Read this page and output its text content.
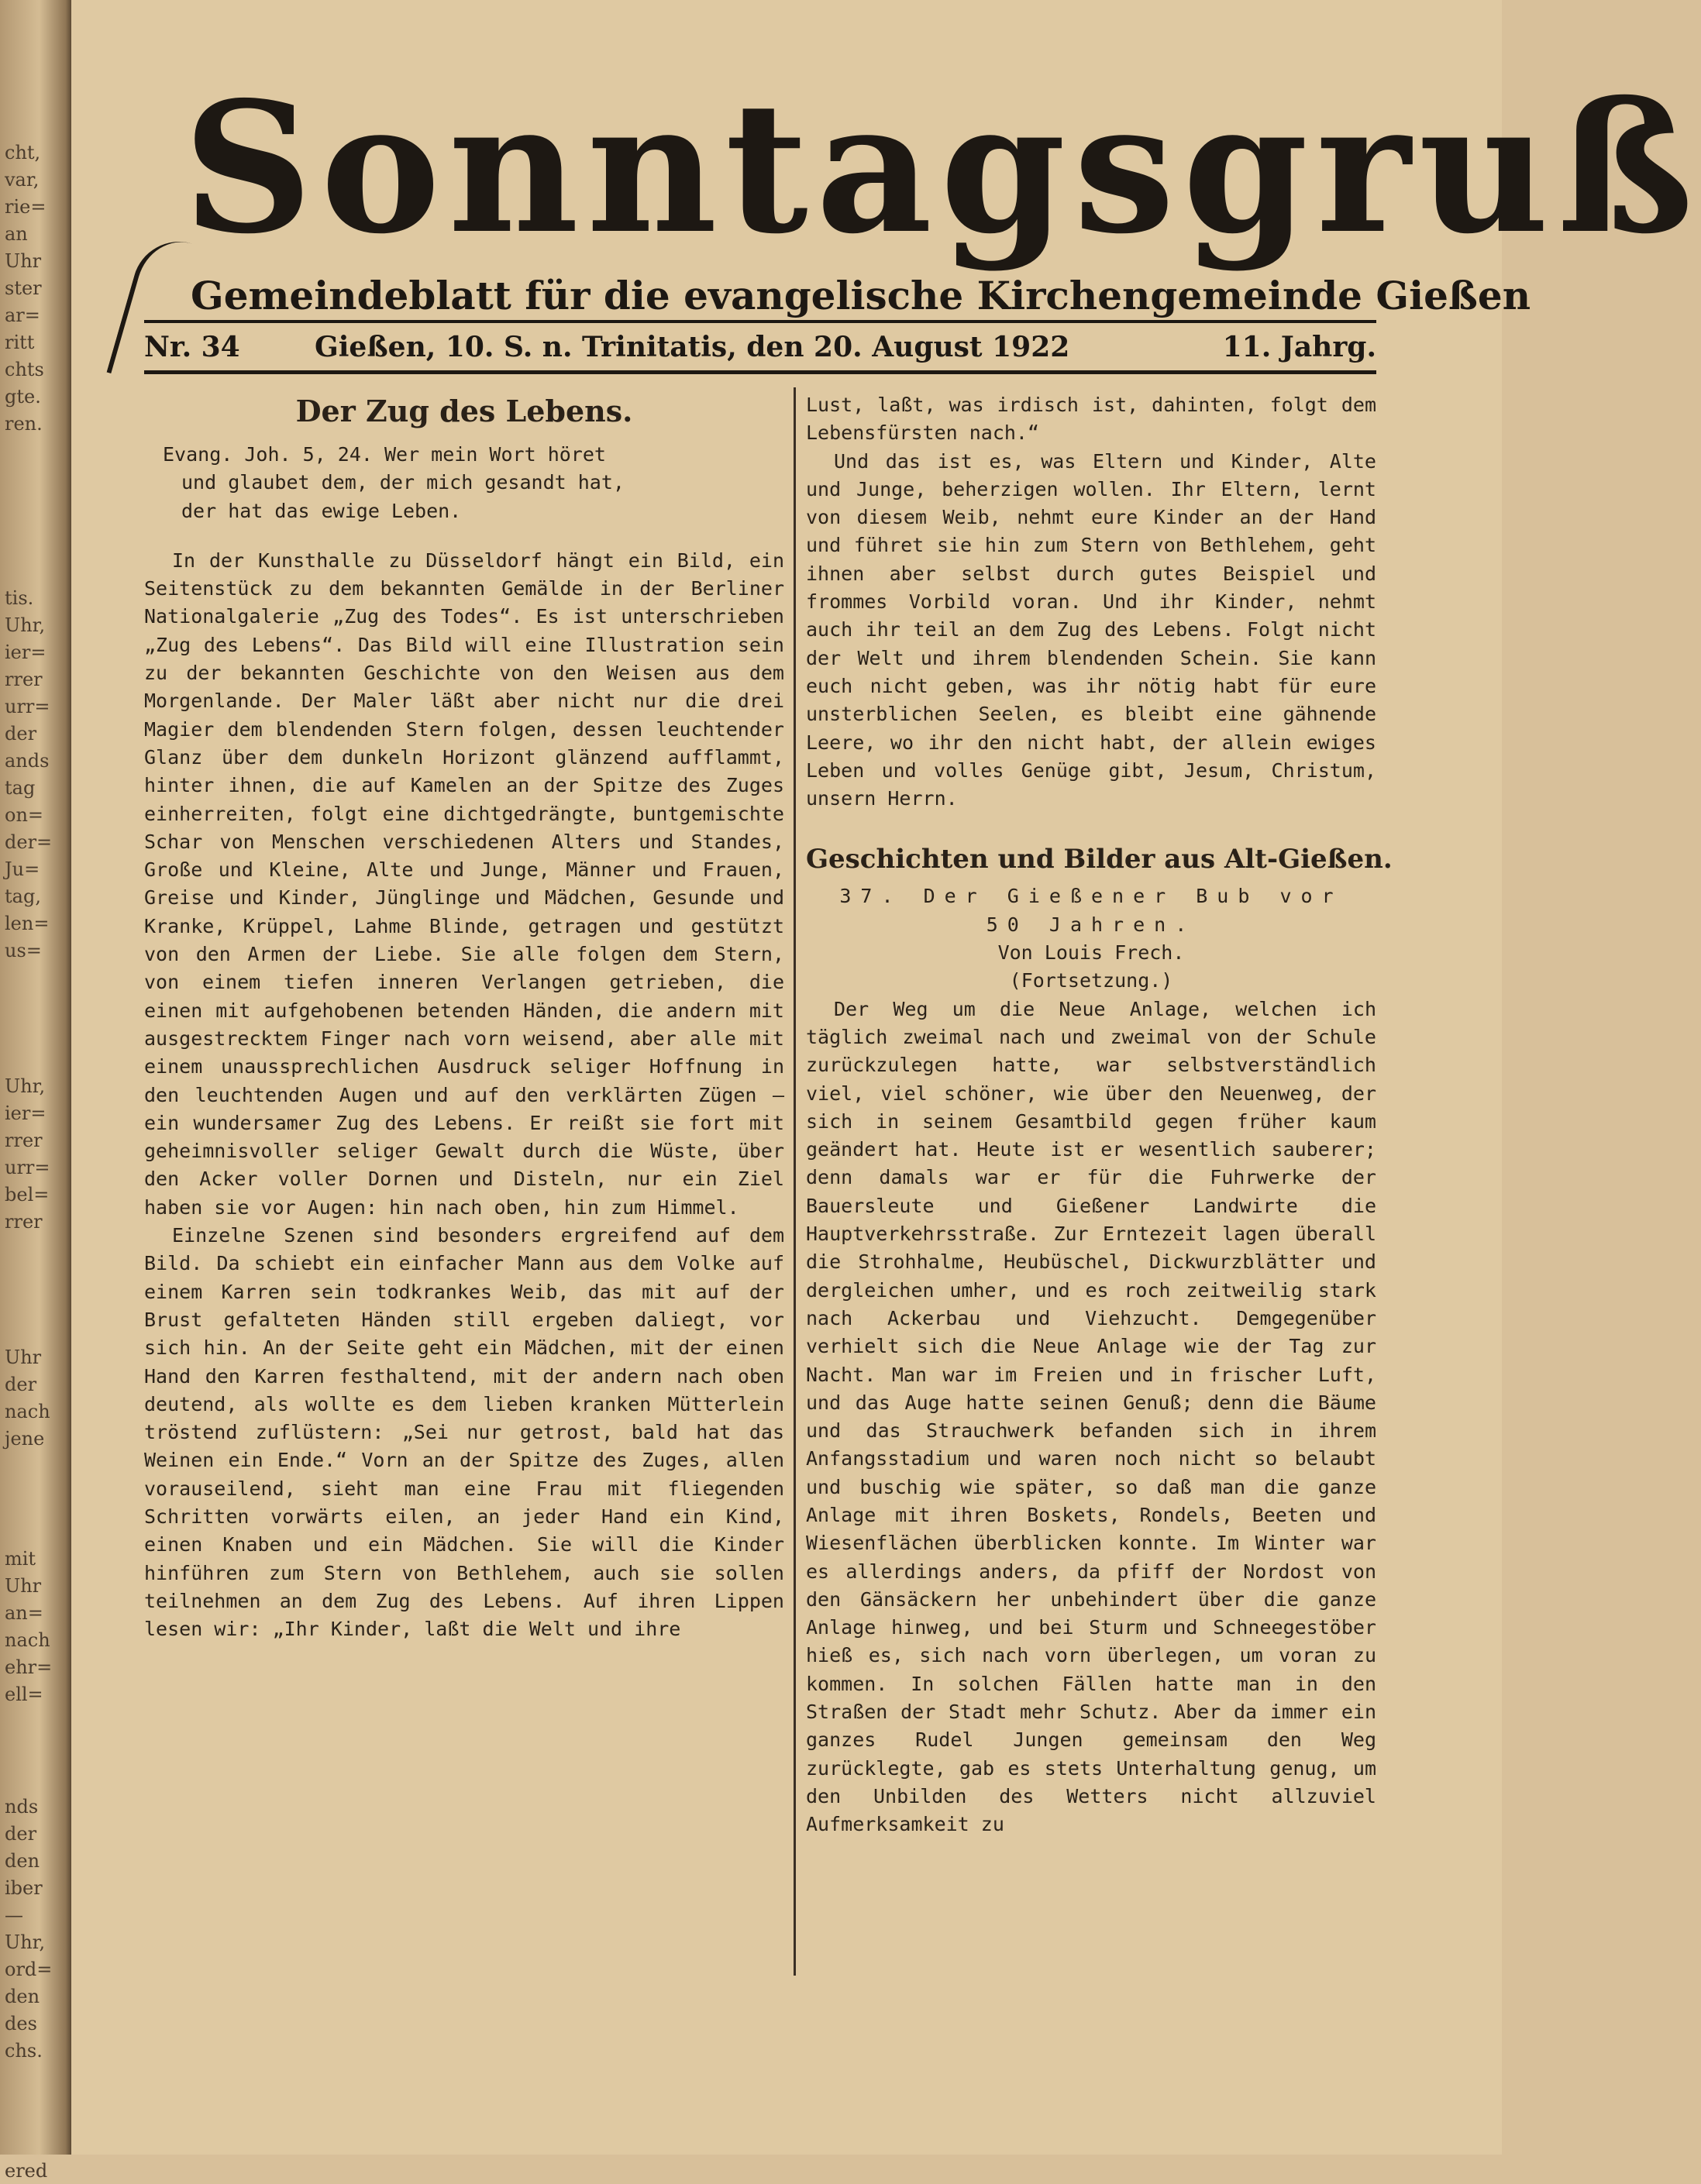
cht,
var,
rie=
an
Uhr
ster
ar=
ritt
chts
gte.
ren.
tis.
Uhr,
ier=
rrer
urr=
der
ands
tag
on=
der=
Ju=
tag,
len=
us=
Uhr,
ier=
rrer
urr=
bel=
rrer
Uhr
der
nach
jene
mit
Uhr
an=
nach
ehr=
ell=
nds
der
den
iber
—
Uhr,
ord=
den
des
chs.
ered
Sonntagsgruß
Gemeindeblatt für die evangelische Kirchengemeinde Gießen
Nr. 34	Gießen, 10. S. n. Trinitatis, den 20. August 1922	11. Jahrg.
Der Zug des Lebens.

Evang. Joh. 5, 24. Wer mein Wort höret

und glaubet dem, der mich gesandt hat,

der hat das ewige Leben.

In der Kunsthalle zu Düsseldorf hängt ein Bild, ein Seitenstück zu dem bekannten Gemälde in der Berliner Nationalgalerie „Zug des Todes“. Es ist unterschrieben „Zug des Lebens“. Das Bild will eine Illustration sein zu der bekannten Geschichte von den Weisen aus dem Morgenlande. Der Maler läßt aber nicht nur die drei Magier dem blendenden Stern folgen, dessen leuchtender Glanz über dem dunkeln Horizont glänzend aufflammt, hinter ihnen, die auf Kamelen an der Spitze des Zuges einherreiten, folgt eine dichtgedrängte, buntgemischte Schar von Menschen verschiedenen Alters und Standes, Große und Kleine, Alte und Junge, Männer und Frauen, Greise und Kinder, Jünglinge und Mädchen, Gesunde und Kranke, Krüppel, Lahme Blinde, getragen und gestützt von den Armen der Liebe. Sie alle folgen dem Stern, von einem tiefen inneren Verlangen getrieben, die einen mit aufgehobenen betenden Händen, die andern mit ausgestrecktem Finger nach vorn weisend, aber alle mit einem unaussprechlichen Ausdruck seliger Hoffnung in den leuchtenden Augen und auf den verklärten Zügen — ein wundersamer Zug des Lebens. Er reißt sie fort mit geheimnisvoller seliger Gewalt durch die Wüste, über den Acker voller Dornen und Disteln, nur ein Ziel haben sie vor Augen: hin nach oben, hin zum Himmel.

Einzelne Szenen sind besonders ergreifend auf dem Bild. Da schiebt ein einfacher Mann aus dem Volke auf einem Karren sein todkrankes Weib, das mit auf der Brust gefalteten Händen still ergeben daliegt, vor sich hin. An der Seite geht ein Mädchen, mit der einen Hand den Karren festhaltend, mit der andern nach oben deutend, als wollte es dem lieben kranken Mütterlein tröstend zuflüstern: „Sei nur getrost, bald hat das Weinen ein Ende.“ Vorn an der Spitze des Zuges, allen vorauseilend, sieht man eine Frau mit fliegenden Schritten vorwärts eilen, an jeder Hand ein Kind, einen Knaben und ein Mädchen. Sie will die Kinder hinführen zum Stern von Bethlehem, auch sie sollen teilnehmen an dem Zug des Lebens. Auf ihren Lippen lesen wir: „Ihr Kinder, laßt die Welt und ihre

Lust, laßt, was irdisch ist, dahinten, folgt dem Lebensfürsten nach.“

Und das ist es, was Eltern und Kinder, Alte und Junge, beherzigen wollen. Ihr Eltern, lernt von diesem Weib, nehmt eure Kinder an der Hand und führet sie hin zum Stern von Bethlehem, geht ihnen aber selbst durch gutes Beispiel und frommes Vorbild voran. Und ihr Kinder, nehmt auch ihr teil an dem Zug des Lebens. Folgt nicht der Welt und ihrem blendenden Schein. Sie kann euch nicht geben, was ihr nötig habt für eure unsterblichen Seelen, es bleibt eine gähnende Leere, wo ihr den nicht habt, der allein ewiges Leben und volles Genüge gibt, Jesum, Christum, unsern Herrn.

Geschichten und Bilder aus Alt-Gießen.

37. Der Gießener Bub vor

50 Jahren.

Von Louis Frech.

(Fortsetzung.)

Der Weg um die Neue Anlage, welchen ich täglich zweimal nach und zweimal von der Schule zurückzulegen hatte, war selbstverständlich viel, viel schöner, wie über den Neuenweg, der sich in seinem Gesamtbild gegen früher kaum geändert hat. Heute ist er wesentlich sauberer; denn damals war er für die Fuhrwerke der Bauersleute und Gießener Landwirte die Hauptverkehrsstraße. Zur Erntezeit lagen überall die Strohhalme, Heubüschel, Dickwurzblätter und dergleichen umher, und es roch zeitweilig stark nach Ackerbau und Viehzucht. Demgegenüber verhielt sich die Neue Anlage wie der Tag zur Nacht. Man war im Freien und in frischer Luft, und das Auge hatte seinen Genuß; denn die Bäume und das Strauchwerk befanden sich in ihrem Anfangsstadium und waren noch nicht so belaubt und buschig wie später, so daß man die ganze Anlage mit ihren Boskets, Rondels, Beeten und Wiesenflächen überblicken konnte. Im Winter war es allerdings anders, da pfiff der Nordost von den Gänsäckern her unbehindert über die ganze Anlage hinweg, und bei Sturm und Schneegestöber hieß es, sich nach vorn überlegen, um voran zu kommen. In solchen Fällen hatte man in den Straßen der Stadt mehr Schutz. Aber da immer ein ganzes Rudel Jungen gemeinsam den Weg zurücklegte, gab es stets Unterhaltung genug, um den Unbilden des Wetters nicht allzuviel Aufmerksamkeit zu
